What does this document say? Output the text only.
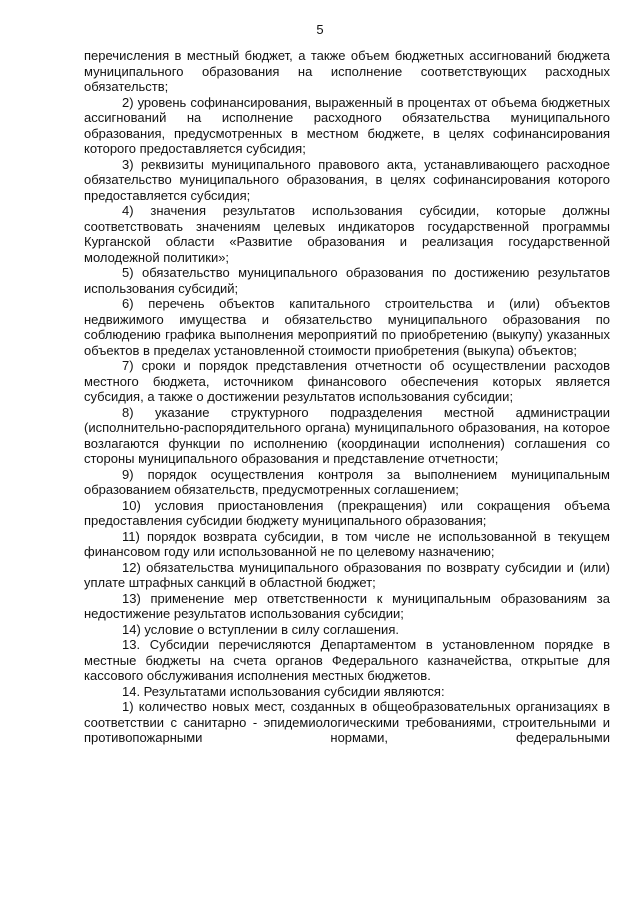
5

перечисления в местный бюджет, а также объем бюджетных ассигнований бюджета муниципального образования на исполнение соответствующих расходных обязательств;

2) уровень софинансирования, выраженный в процентах от объема бюджетных ассигнований на исполнение расходного обязательства муниципального образования, предусмотренных в местном бюджете, в целях софинансирования которого предоставляется субсидия;

3) реквизиты муниципального правового акта, устанавливающего расходное обязательство муниципального образования, в целях софинансирования которого предоставляется субсидия;

4) значения результатов использования субсидии, которые должны соответствовать значениям целевых индикаторов государственной программы Курганской области «Развитие образования и реализация государственной молодежной политики»;

5) обязательство муниципального образования по достижению результатов использования субсидий;

6) перечень объектов капитального строительства и (или) объектов недвижимого имущества и обязательство муниципального образования по соблюдению графика выполнения мероприятий по приобретению (выкупу) указанных объектов в пределах установленной стоимости приобретения (выкупа) объектов;

7) сроки и порядок представления отчетности об осуществлении расходов местного бюджета, источником финансового обеспечения которых является субсидия, а также о достижении результатов использования субсидии;

8) указание структурного подразделения местной администрации (исполнительно-распорядительного органа) муниципального образования, на которое возлагаются функции по исполнению (координации исполнения) соглашения со стороны муниципального образования и представление отчетности;

9) порядок осуществления контроля за выполнением муниципальным образованием обязательств, предусмотренных соглашением;

10) условия приостановления (прекращения) или сокращения объема предоставления субсидии бюджету муниципального образования;

11) порядок возврата субсидии, в том числе не использованной в текущем финансовом году или использованной не по целевому назначению;

12) обязательства муниципального образования по возврату субсидии и (или) уплате штрафных санкций в областной бюджет;

13) применение мер ответственности к муниципальным образованиям за недостижение результатов использования субсидии;

14) условие о вступлении в силу соглашения.

13. Субсидии перечисляются Департаментом в установленном порядке в местные бюджеты на счета органов Федерального казначейства, открытые для кассового обслуживания исполнения местных бюджетов.

14. Результатами использования субсидии являются:

1) количество новых мест, созданных в общеобразовательных организациях в соответствии с санитарно - эпидемиологическими требованиями, строительными и противопожарными нормами, федеральными
